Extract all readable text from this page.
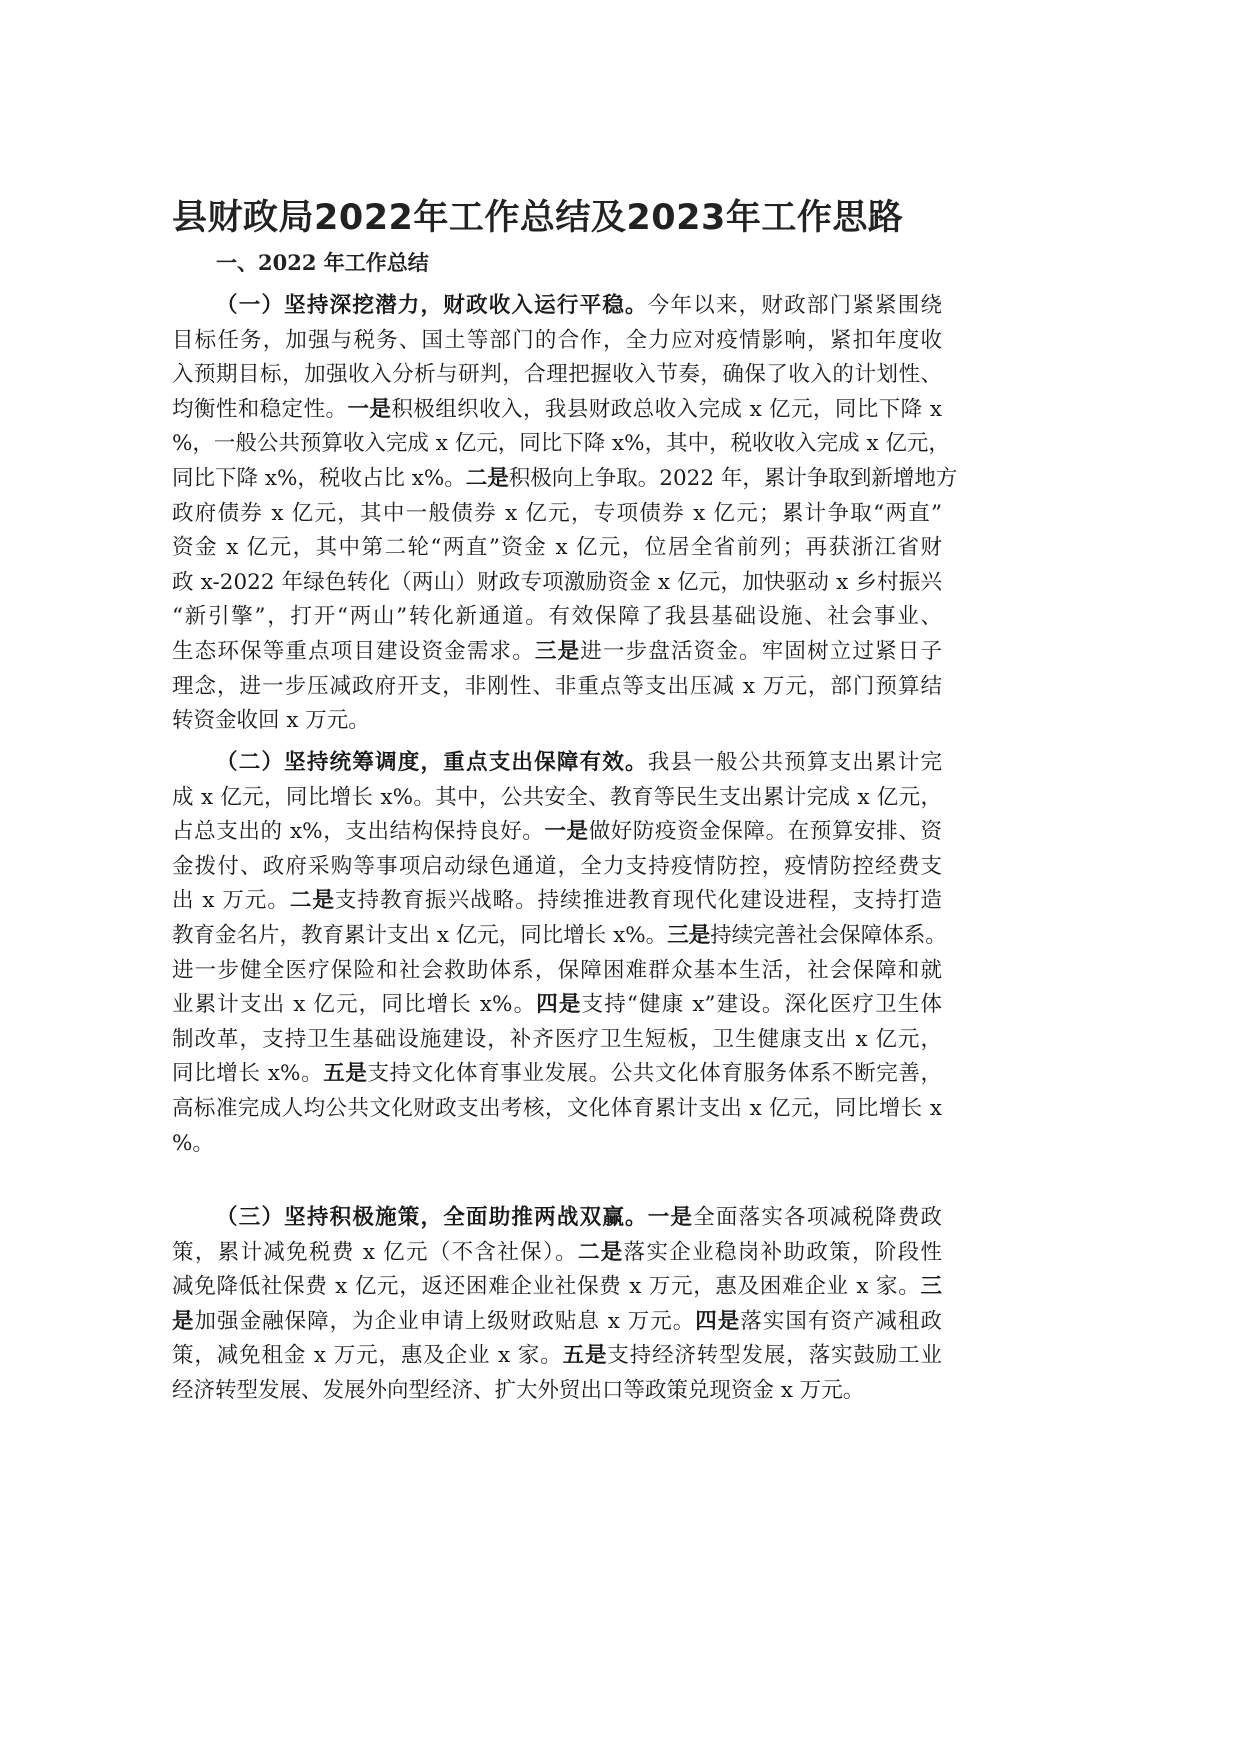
县财政局2022年工作总结及2023年工作思路
一、2022 年工作总结
（一）坚持深挖潜力，财政收入运行平稳。今年以来，财政部门紧紧围绕
目标任务，加强与税务、国土等部门的合作，全力应对疫情影响，紧扣年度收
入预期目标，加强收入分析与研判，合理把握收入节奏，确保了收入的计划性、
均衡性和稳定性。一是积极组织收入，我县财政总收入完成 x 亿元，同比下降 x
%，一般公共预算收入完成 x 亿元，同比下降 x%，其中，税收收入完成 x 亿元，
同比下降 x%，税收占比 x%。二是积极向上争取。2022 年，累计争取到新增地方
政府债券 x 亿元，其中一般债券 x 亿元，专项债券 x 亿元；累计争取“两直”
资金 x 亿元，其中第二轮“两直”资金 x 亿元，位居全省前列；再获浙江省财
政 x-2022 年绿色转化（两山）财政专项激励资金 x 亿元，加快驱动 x 乡村振兴
“新引擎”，打开“两山”转化新通道。有效保障了我县基础设施、社会事业、
生态环保等重点项目建设资金需求。三是进一步盘活资金。牢固树立过紧日子
理念，进一步压减政府开支，非刚性、非重点等支出压减 x 万元，部门预算结
转资金收回 x 万元。
（二）坚持统筹调度，重点支出保障有效。我县一般公共预算支出累计完
成 x 亿元，同比增长 x%。其中，公共安全、教育等民生支出累计完成 x 亿元，
占总支出的 x%，支出结构保持良好。一是做好防疫资金保障。在预算安排、资
金拨付、政府采购等事项启动绿色通道，全力支持疫情防控，疫情防控经费支
出 x 万元。二是支持教育振兴战略。持续推进教育现代化建设进程，支持打造
教育金名片，教育累计支出 x 亿元，同比增长 x%。三是持续完善社会保障体系。
进一步健全医疗保险和社会救助体系，保障困难群众基本生活，社会保障和就
业累计支出 x 亿元，同比增长 x%。四是支持“健康 x”建设。深化医疗卫生体
制改革，支持卫生基础设施建设，补齐医疗卫生短板，卫生健康支出 x 亿元，
同比增长 x%。五是支持文化体育事业发展。公共文化体育服务体系不断完善，
高标准完成人均公共文化财政支出考核，文化体育累计支出 x 亿元，同比增长 x
%。
（三）坚持积极施策，全面助推两战双赢。一是全面落实各项减税降费政
策，累计减免税费 x 亿元（不含社保）。二是落实企业稳岗补助政策，阶段性
减免降低社保费 x 亿元，返还困难企业社保费 x 万元，惠及困难企业 x 家。三
是加强金融保障，为企业申请上级财政贴息 x 万元。四是落实国有资产减租政
策，减免租金 x 万元，惠及企业 x 家。五是支持经济转型发展，落实鼓励工业
经济转型发展、发展外向型经济、扩大外贸出口等政策兑现资金 x 万元。
